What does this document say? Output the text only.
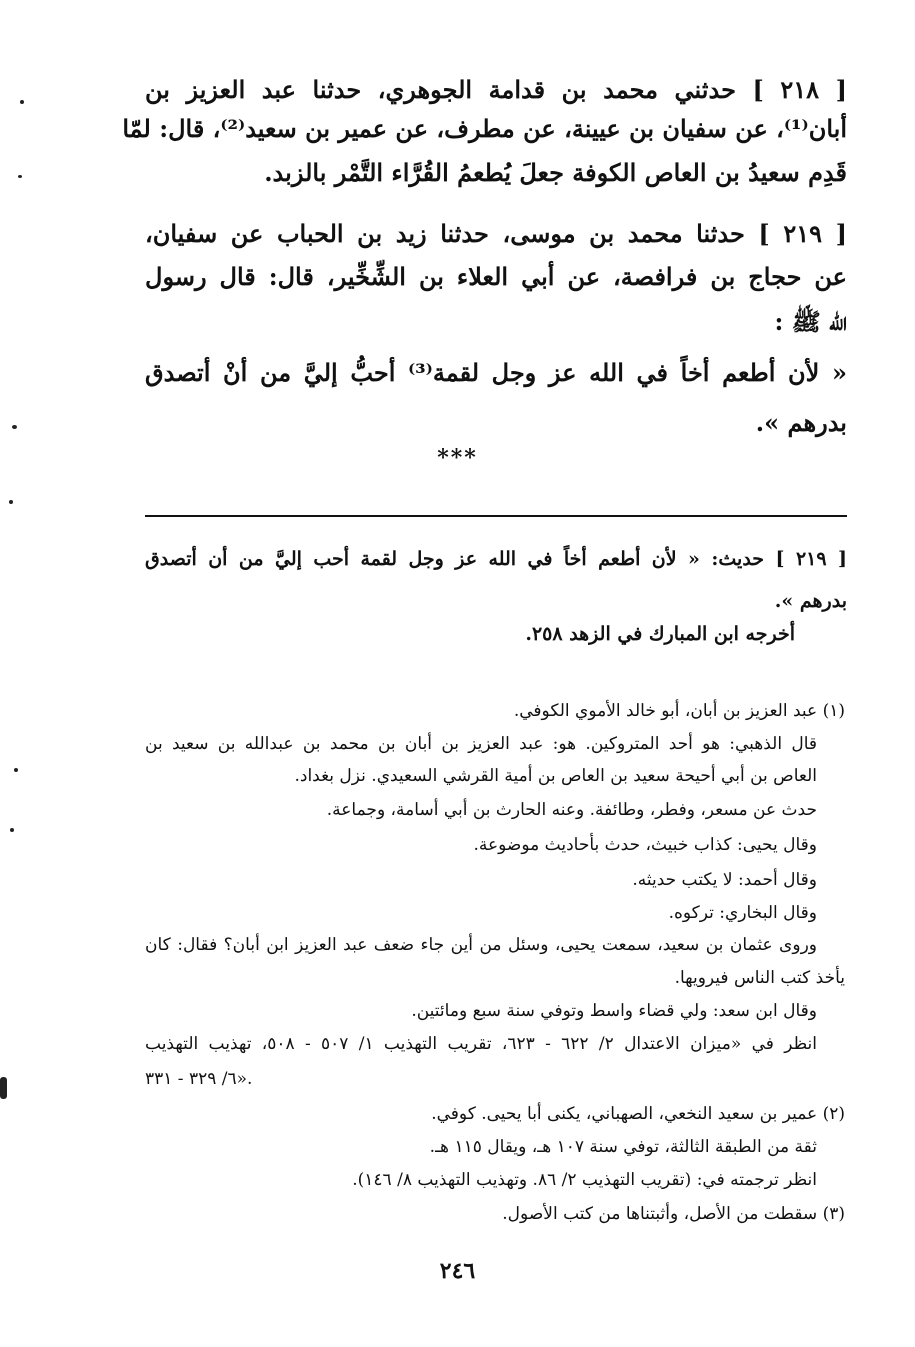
[ ٢١٨ ] حدثني محمد بن قدامة الجوهري، حدثنا عبد العزيز بن
أبان⁽¹⁾، عن سفيان بن عيينة، عن مطرف، عن عمير بن سعيد⁽²⁾، قال: لمّا
قَدِم سعيدُ بن العاص الكوفة جعلَ يُطعمُ القُرَّاء التَّمْر بالزبد.
[ ٢١٩ ] حدثنا محمد بن موسى، حدثنا زيد بن الحباب عن سفيان،
عن حجاج بن فرافصة، عن أبي العلاء بن الشِّخِّير، قال: قال رسول
الله ﷺ :
« لأن أطعم أخاً في الله عز وجل لقمة⁽³⁾ أحبُّ إليَّ من أنْ أتصدق
بدرهم ».
***
[ ٢١٩ ] حديث: « لأن أطعم أخاً في الله عز وجل لقمة أحب إليَّ من أن أتصدق
بدرهم ».
أخرجه ابن المبارك في الزهد ٢٥٨.
(١) عبد العزيز بن أبان، أبو خالد الأموي الكوفي.
قال الذهبي: هو أحد المتروكين. هو: عبد العزيز بن أبان بن محمد بن عبدالله بن سعيد بن
العاص بن أبي أحيحة سعيد بن العاص بن أمية القرشي السعيدي. نزل بغداد.
حدث عن مسعر، وفطر، وطائفة. وعنه الحارث بن أبي أسامة، وجماعة.
وقال يحيى: كذاب خبيث، حدث بأحاديث موضوعة.
وقال أحمد: لا يكتب حديثه.
وقال البخاري: تركوه.
وروى عثمان بن سعيد، سمعت يحيى، وسئل من أين جاء ضعف عبد العزيز ابن أبان؟ فقال: كان
يأخذ كتب الناس فيرويها.
وقال ابن سعد: ولي قضاء واسط وتوفي سنة سبع ومائتين.
انظر في «ميزان الاعتدال ٢/ ٦٢٢ - ٦٢٣، تقريب التهذيب ١/ ٥٠٧ - ٥٠٨، تهذيب التهذيب
٦/ ٣٢٩ - ٣٣١».
(٢) عمير بن سعيد النخعي، الصهباني، يكنى أبا يحيى. كوفي.
ثقة من الطبقة الثالثة، توفي سنة ١٠٧ هـ، ويقال ١١٥ هـ.
انظر ترجمته في: (تقريب التهذيب ٢/ ٨٦. وتهذيب التهذيب ٨/ ١٤٦).
(٣) سقطت من الأصل، وأثبتناها من كتب الأصول.
٢٤٦
